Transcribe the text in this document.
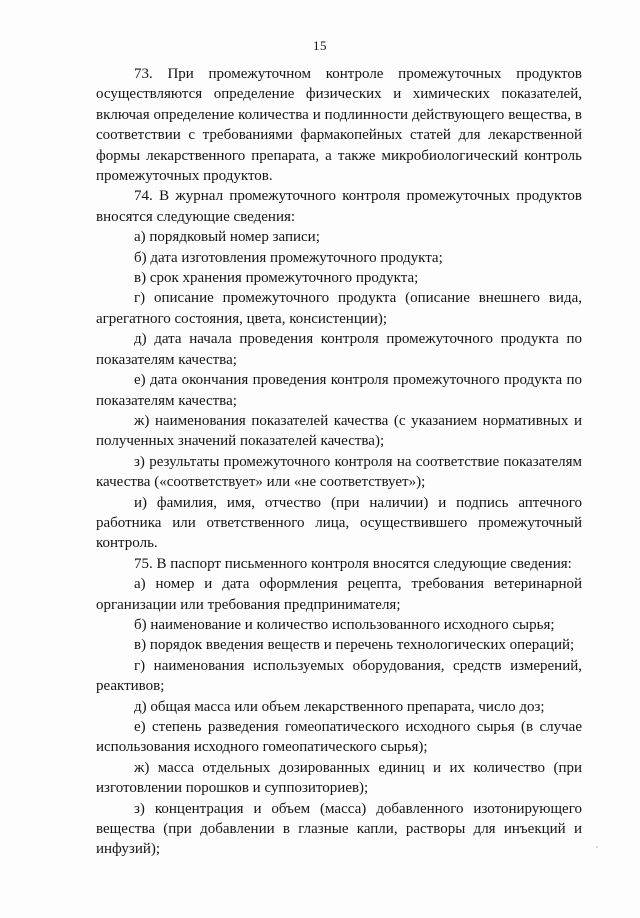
15

73. При промежуточном контроле промежуточных продуктов осуществляются определение физических и химических показателей, включая определение количества и подлинности действующего вещества, в соответствии с требованиями фармакопейных статей для лекарственной формы лекарственного препарата, а также микробиологический контроль промежуточных продуктов.

74. В журнал промежуточного контроля промежуточных продуктов вносятся следующие сведения:

а) порядковый номер записи;

б) дата изготовления промежуточного продукта;

в) срок хранения промежуточного продукта;

г) описание промежуточного продукта (описание внешнего вида, агрегатного состояния, цвета, консистенции);

д) дата начала проведения контроля промежуточного продукта по показателям качества;

е) дата окончания проведения контроля промежуточного продукта по показателям качества;

ж) наименования показателей качества (с указанием нормативных и полученных значений показателей качества);

з) результаты промежуточного контроля на соответствие показателям качества («соответствует» или «не соответствует»);

и) фамилия, имя, отчество (при наличии) и подпись аптечного работника или ответственного лица, осуществившего промежуточный контроль.

75. В паспорт письменного контроля вносятся следующие сведения:

а) номер и дата оформления рецепта, требования ветеринарной организации или требования предпринимателя;

б) наименование и количество использованного исходного сырья;

в) порядок введения веществ и перечень технологических операций;

г) наименования используемых оборудования, средств измерений, реактивов;

д) общая масса или объем лекарственного препарата, число доз;

е) степень разведения гомеопатического исходного сырья (в случае использования исходного гомеопатического сырья);

ж) масса отдельных дозированных единиц и их количество (при изготовлении порошков и суппозиториев);

з) концентрация и объем (масса) добавленного изотонирующего вещества (при добавлении в глазные капли, растворы для инъекций и инфузий);
